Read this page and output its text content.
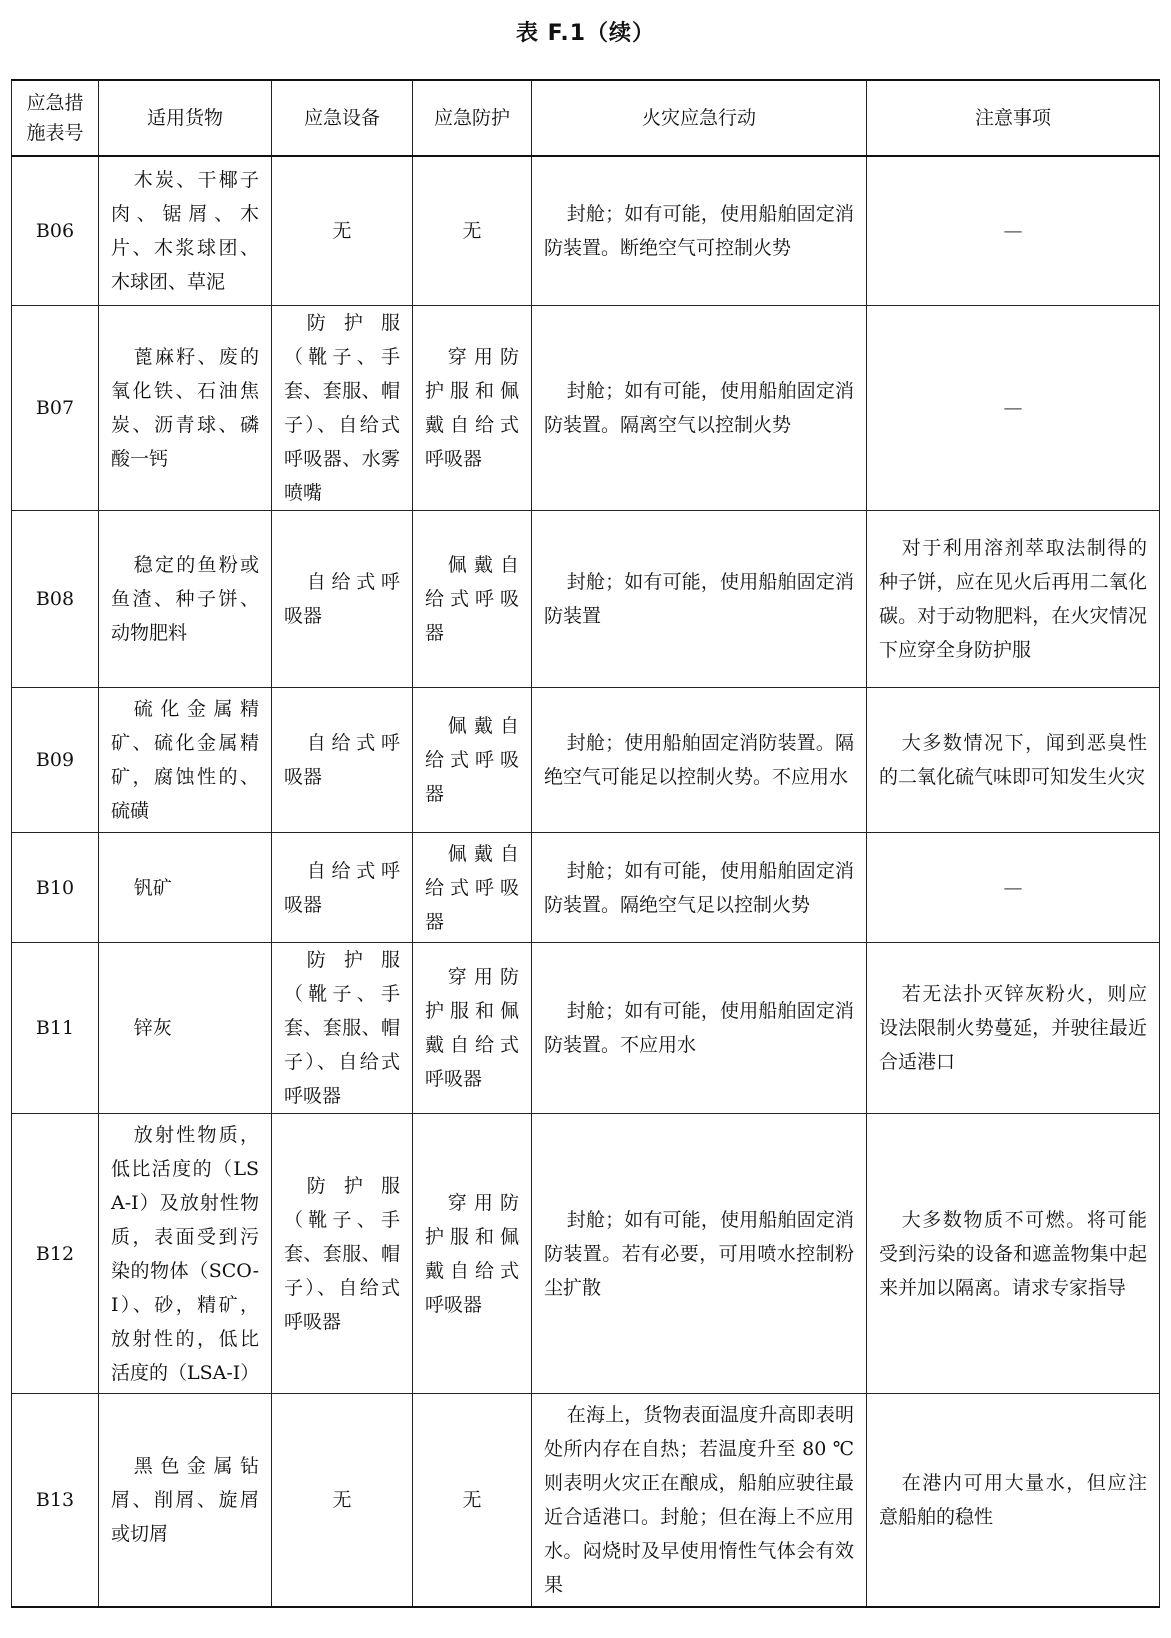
表 F.1（续）
应急措施表号	适用货物	应急设备	应急防护	火灾应急行动	注意事项
B06	木炭、干椰子肉、锯屑、木片、木浆球团、木球团、草泥	无	无	封舱；如有可能，使用船舶固定消防装置。断绝空气可控制火势	—
B07	蓖麻籽、废的氧化铁、石油焦炭、沥青球、磷酸一钙	防护服（靴子、手套、套服、帽子）、自给式呼吸器、水雾喷嘴	穿用防护服和佩戴自给式呼吸器	封舱；如有可能，使用船舶固定消防装置。隔离空气以控制火势	—
B08	稳定的鱼粉或鱼渣、种子饼、动物肥料	自给式呼吸器	佩戴自给式呼吸器	封舱；如有可能，使用船舶固定消防装置	对于利用溶剂萃取法制得的种子饼，应在见火后再用二氧化碳。对于动物肥料，在火灾情况下应穿全身防护服
B09	硫化金属精矿、硫化金属精矿，腐蚀性的、硫磺	自给式呼吸器	佩戴自给式呼吸器	封舱；使用船舶固定消防装置。隔绝空气可能足以控制火势。不应用水	大多数情况下，闻到恶臭性的二氧化硫气味即可知发生火灾
B10	钒矿	自给式呼吸器	佩戴自给式呼吸器	封舱；如有可能，使用船舶固定消防装置。隔绝空气足以控制火势	—
B11	锌灰	防护服（靴子、手套、套服、帽子）、自给式呼吸器	穿用防护服和佩戴自给式呼吸器	封舱；如有可能，使用船舶固定消防装置。不应用水	若无法扑灭锌灰粉火，则应设法限制火势蔓延，并驶往最近合适港口
B12	放射性物质，低比活度的（LSA-I）及放射性物质，表面受到污染的物体（SCO-I）、砂，精矿，放射性的，低比活度的（LSA-I）	防护服（靴子、手套、套服、帽子）、自给式呼吸器	穿用防护服和佩戴自给式呼吸器	封舱；如有可能，使用船舶固定消防装置。若有必要，可用喷水控制粉尘扩散	大多数物质不可燃。将可能受到污染的设备和遮盖物集中起来并加以隔离。请求专家指导
B13	黑色金属钻屑、削屑、旋屑或切屑	无	无	在海上，货物表面温度升高即表明处所内存在自热；若温度升至 80 ℃则表明火灾正在酿成，船舶应驶往最近合适港口。封舱；但在海上不应用水。闷烧时及早使用惰性气体会有效果	在港内可用大量水，但应注意船舶的稳性
